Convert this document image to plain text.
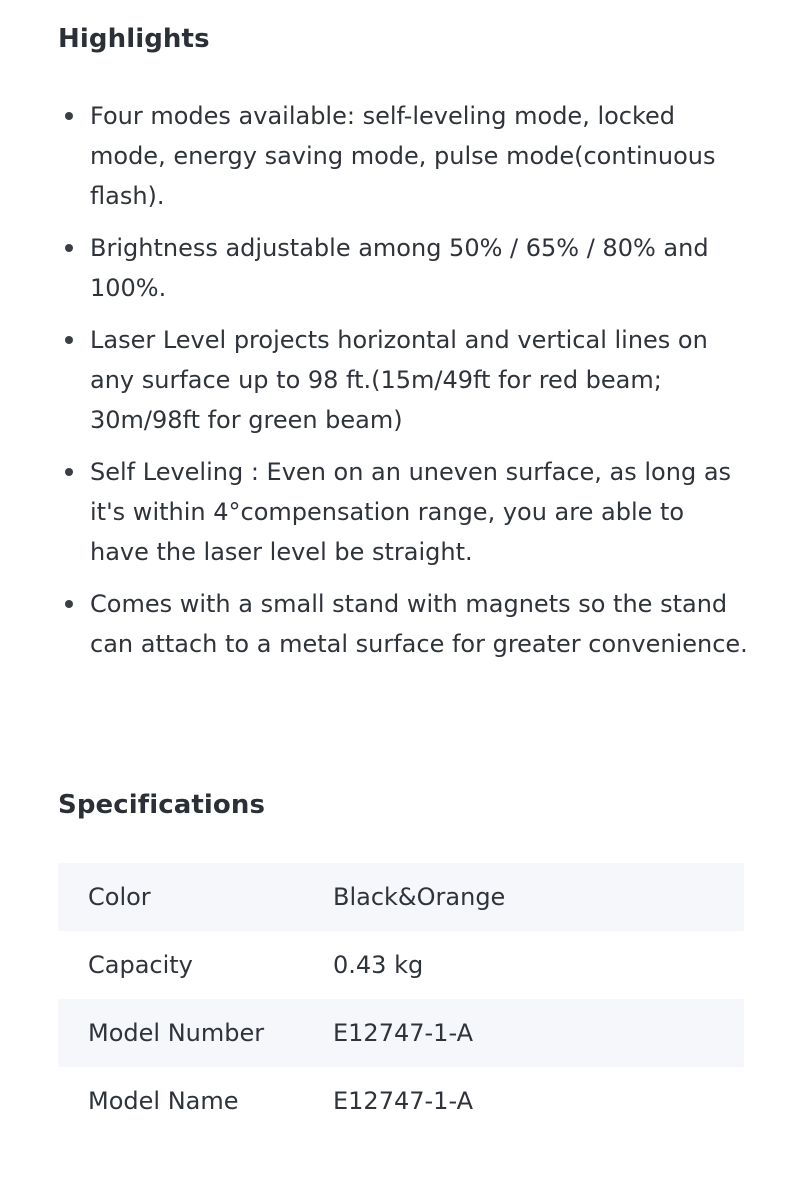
Highlights
Four modes available: self-leveling mode, locked mode, energy saving mode, pulse mode(continuous flash).
Brightness adjustable among 50% / 65% / 80% and 100%.
Laser Level projects horizontal and vertical lines on any surface up to 98 ft.(15m/49ft for red beam; 30m/98ft for green beam)
Self Leveling : Even on an uneven surface, as long as it's within 4°compensation range, you are able to have the laser level be straight.
Comes with a small stand with magnets so the stand can attach to a metal surface for greater convenience.
Specifications
Color	Black&Orange
Capacity	0.43 kg
Model Number	E12747-1-A
Model Name	E12747-1-A
